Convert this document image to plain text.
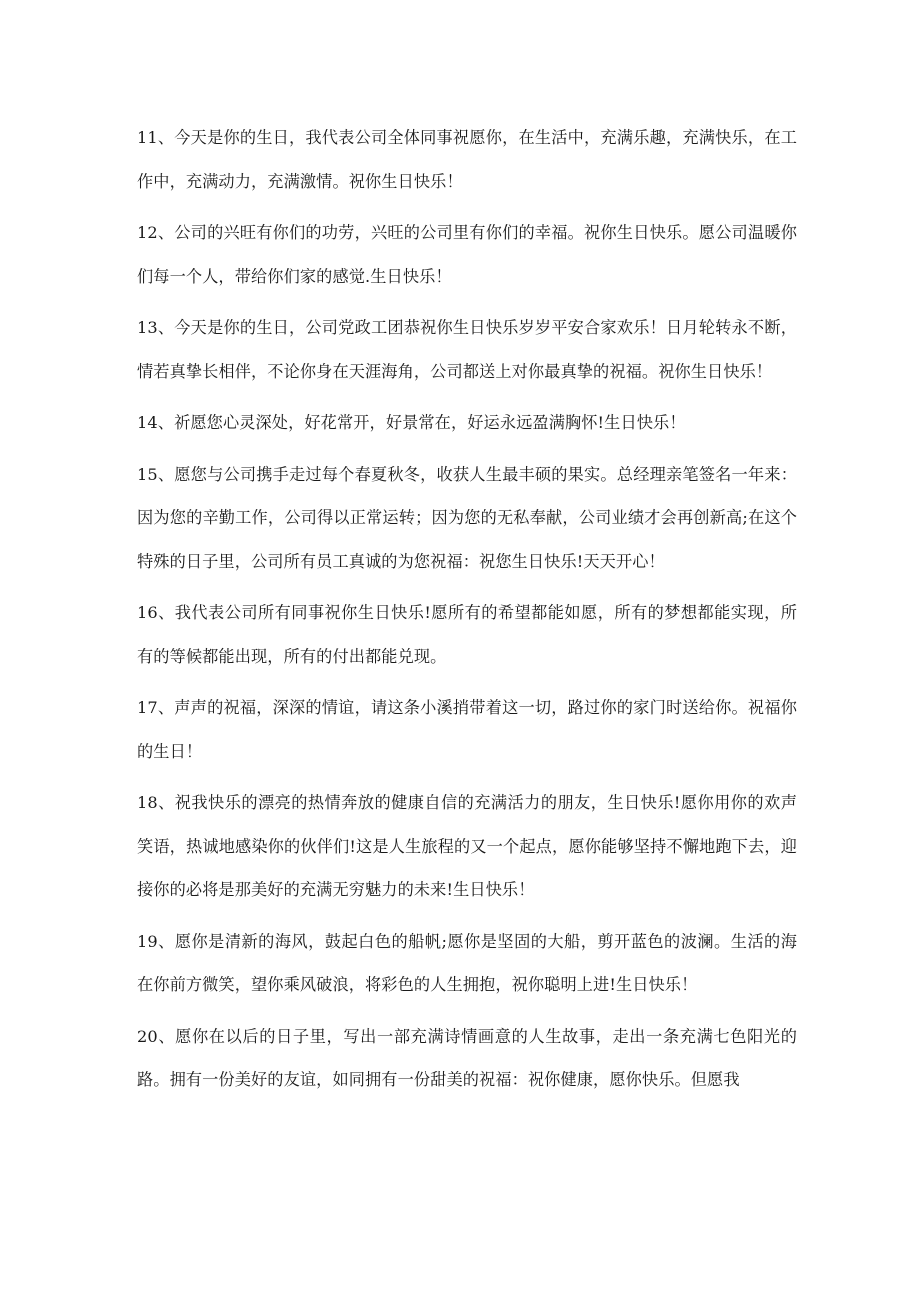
11、今天是你的生日，我代表公司全体同事祝愿你，在生活中，充满乐趣，充满快乐，在工作中，充满动力，充满激情。祝你生日快乐！

12、公司的兴旺有你们的功劳，兴旺的公司里有你们的幸福。祝你生日快乐。愿公司温暖你们每一个人，带给你们家的感觉.生日快乐！

13、今天是你的生日，公司党政工团恭祝你生日快乐岁岁平安合家欢乐！日月轮转永不断，情若真挚长相伴，不论你身在天涯海角，公司都送上对你最真挚的祝福。祝你生日快乐！

14、祈愿您心灵深处，好花常开，好景常在，好运永远盈满胸怀!生日快乐！

15、愿您与公司携手走过每个春夏秋冬，收获人生最丰硕的果实。总经理亲笔签名一年来：因为您的辛勤工作，公司得以正常运转；因为您的无私奉献，公司业绩才会再创新高;在这个特殊的日子里，公司所有员工真诚的为您祝福：祝您生日快乐!天天开心！

16、我代表公司所有同事祝你生日快乐!愿所有的希望都能如愿，所有的梦想都能实现，所有的等候都能出现，所有的付出都能兑现。

17、声声的祝福，深深的情谊，请这条小溪捎带着这一切，路过你的家门时送给你。祝福你的生日！

18、祝我快乐的漂亮的热情奔放的健康自信的充满活力的朋友，生日快乐!愿你用你的欢声笑语，热诚地感染你的伙伴们!这是人生旅程的又一个起点，愿你能够坚持不懈地跑下去，迎接你的必将是那美好的充满无穷魅力的未来!生日快乐！

19、愿你是清新的海风，鼓起白色的船帆;愿你是坚固的大船，剪开蓝色的波澜。生活的海在你前方微笑，望你乘风破浪，将彩色的人生拥抱，祝你聪明上进!生日快乐！

20、愿你在以后的日子里，写出一部充满诗情画意的人生故事，走出一条充满七色阳光的路。拥有一份美好的友谊，如同拥有一份甜美的祝福：祝你健康，愿你快乐。但愿我
